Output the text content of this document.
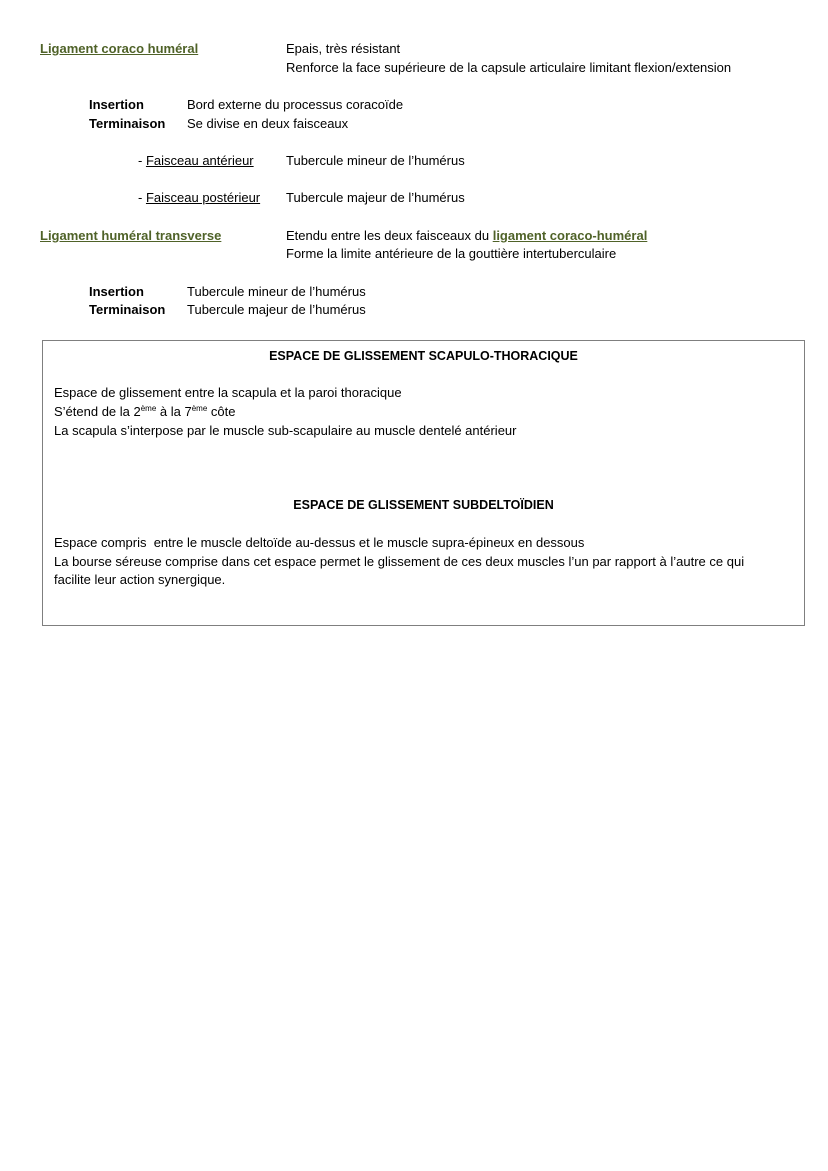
Ligament coraco huméral	Epais, très résistant
Renforce la face supérieure de la capsule articulaire limitant flexion/extension
Insertion	Bord externe du processus coracoïde
Terminaison Se divise en deux faisceaux
- Faisceau antérieur Tubercule mineur de l’humérus
- Faisceau postérieur Tubercule majeur de l’humérus
Ligament huméral transverse	Etendu entre les deux faisceaux du ligament coraco-huméral
Forme la limite antérieure de la gouttière intertuberculaire
Insertion	Tubercule mineur de l’humérus
Terminaison Tubercule majeur de l’humérus
ESPACE DE GLISSEMENT SCAPULO-THORACIQUE
Espace de glissement entre la scapula et la paroi thoracique
S’étend de la 2ème à la 7ème côte
La scapula s’interpose par le muscle sub-scapulaire au muscle dentelé antérieur
ESPACE DE GLISSEMENT SUBDELTOÏDIEN
Espace compris  entre le muscle deltoïde au-dessus et le muscle supra-épineux en dessous
La bourse séreuse comprise dans cet espace permet le glissement de ces deux muscles l’un par rapport à l’autre ce qui
facilite leur action synergique.
